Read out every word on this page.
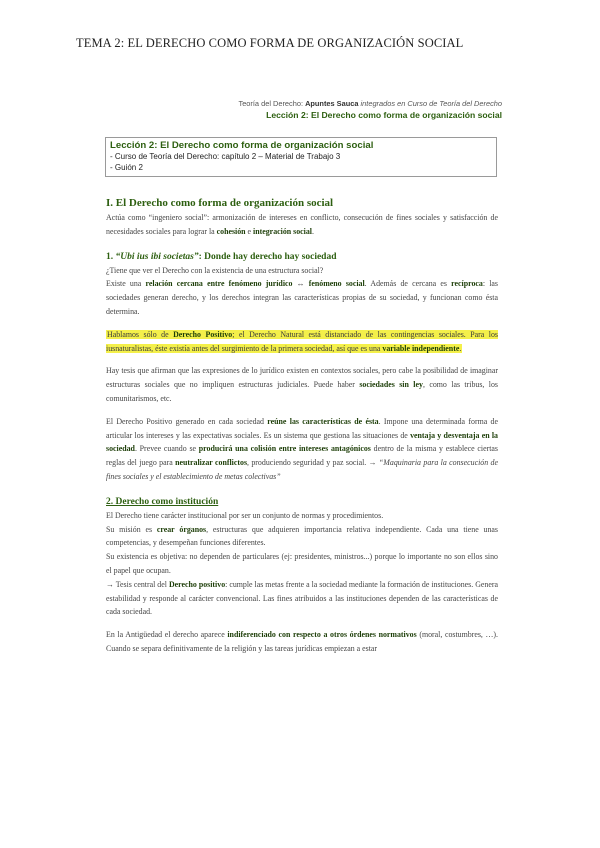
TEMA 2: EL DERECHO COMO FORMA DE ORGANIZACIÓN SOCIAL
Teoría del Derecho: Apuntes Sauca integrados en Curso de Teoría del Derecho
Lección 2: El Derecho como forma de organización social
Lección 2: El Derecho como forma de organización social
- Curso de Teoría del Derecho: capítulo 2 – Material de Trabajo 3
- Guión 2
I. El Derecho como forma de organización social

Actúa como “ingeniero social”: armonización de intereses en conflicto, consecución de fines sociales y satisfacción de necesidades sociales para lograr la cohesión e integración social.

1. “Ubi ius ibi societas”: Donde hay derecho hay sociedad

¿Tiene que ver el Derecho con la existencia de una estructura social?
Existe una relación cercana entre fenómeno jurídico ↔ fenómeno social. Además de cercana es recíproca: las sociedades generan derecho, y los derechos integran las características propias de su sociedad, y funcionan como ésta determina.

Hablamos sólo de Derecho Positivo; el Derecho Natural está distanciado de las contingencias sociales. Para los iusnaturalistas, éste existía antes del surgimiento de la primera sociedad, así que es una variable independiente.

Hay tesis que afirman que las expresiones de lo jurídico existen en contextos sociales, pero cabe la posibilidad de imaginar estructuras sociales que no impliquen estructuras judiciales. Puede haber sociedades sin ley, como las tribus, los comunitarismos, etc.

El Derecho Positivo generado en cada sociedad reúne las características de ésta. Impone una determinada forma de articular los intereses y las expectativas sociales. Es un sistema que gestiona las situaciones de ventaja y desventaja en la sociedad. Prevee cuando se producirá una colisión entre intereses antagónicos dentro de la misma y establece ciertas reglas del juego para neutralizar conflictos, produciendo seguridad y paz social. → “Maquinaria para la consecución de fines sociales y el establecimiento de metas colectivas”

2. Derecho como institución

El Derecho tiene carácter institucional por ser un conjunto de normas y procedimientos.
Su misión es crear órganos, estructuras que adquieren importancia relativa independiente. Cada una tiene unas competencias, y desempeñan funciones diferentes.
Su existencia es objetiva: no dependen de particulares (ej: presidentes, ministros...) porque lo importante no son ellos sino el papel que ocupan.
→ Tesis central del Derecho positivo: cumple las metas frente a la sociedad mediante la formación de instituciones. Genera estabilidad y responde al carácter convencional. Las fines atribuidos a las instituciones dependen de las características de cada sociedad.

En la Antigüedad el derecho aparece indiferenciado con respecto a otros órdenes normativos (moral, costumbres, …). Cuando se separa definitivamente de la religión y las tareas jurídicas empiezan a estar
